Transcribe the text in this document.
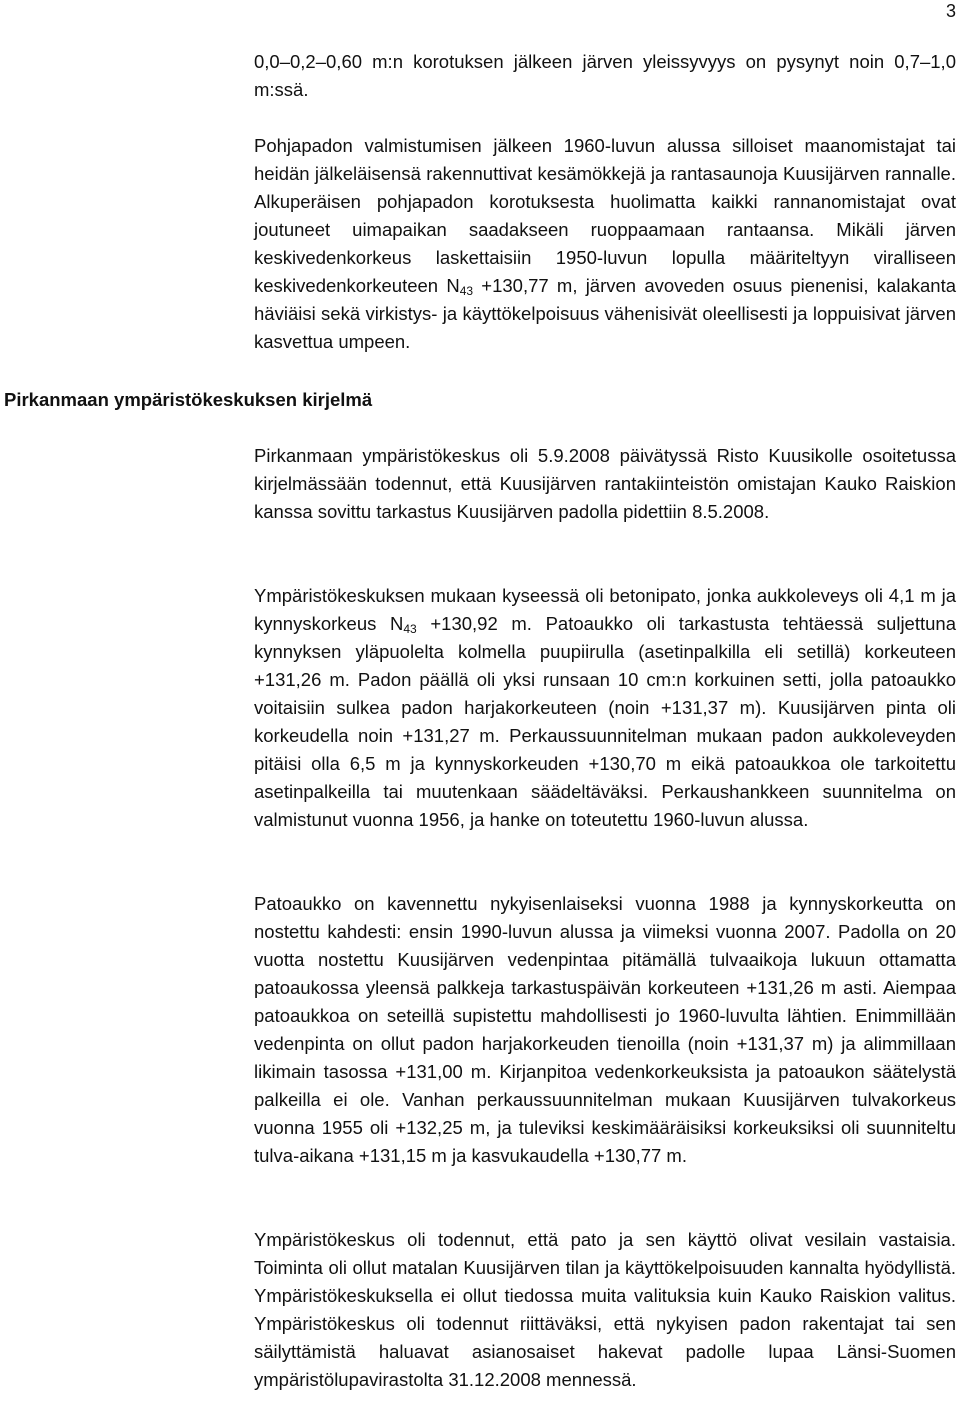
3

0,0–0,2–0,60 m:n korotuksen jälkeen järven yleissyvyys on pysynyt noin 0,7–1,0 m:ssä.

Pohjapadon valmistumisen jälkeen 1960-luvun alussa silloiset maanomistajat tai heidän jälkeläisensä rakennuttivat kesämökkejä ja rantasaunoja Kuusijärven rannalle. Alkuperäisen pohjapadon korotuksesta huolimatta kaikki rannanomistajat ovat joutuneet uimapaikan saadakseen ruoppaamaan rantaansa. Mikäli järven keskivedenkorkeus laskettaisiin 1950-luvun lopulla määriteltyyn viralliseen keskivedenkorkeuteen $N_{43} +130,77$ m, järven avoveden osuus pienenisi, kalakanta häviäisi sekä virkistys- ja käyttökelpoisuus vähenisivät oleellisesti ja loppuisivat järven kasvettua umpeen.

Pirkanmaan ympäristökeskuksen kirjelmä

Pirkanmaan ympäristökeskus oli 5.9.2008 päivätyssä Risto Kuusikolle osoitetussa kirjelmässään todennut, että Kuusijärven rantakiinteistön omistajan Kauko Raiskion kanssa sovittu tarkastus Kuusijärven padolla pidettiin 8.5.2008.

Ympäristökeskuksen mukaan kyseessä oli betonipato, jonka aukkoleveys oli 4,1 m ja kynnyskorkeus $N_{43} +130,92$ m. Patoaukko oli tarkastusta tehtäessä suljettuna kynnyksen yläpuolelta kolmella puupiirulla (asetinpalkilla eli setillä) korkeuteen +131,26 m. Padon päällä oli yksi runsaan 10 cm:n korkuinen setti, jolla patoaukko voitaisiin sulkea padon harjakorkeuteen (noin +131,37 m). Kuusijärven pinta oli korkeudella noin +131,27 m. Perkaussuunnitelman mukaan padon aukkoleveyden pitäisi olla 6,5 m ja kynnyskorkeuden +130,70 m eikä patoaukkoa ole tarkoitettu asetinpalkeilla tai muutenkaan säädeltäväksi. Perkaushankkeen suunnitelma on valmistunut vuonna 1956, ja hanke on toteutettu 1960-luvun alussa.

Patoaukko on kavennettu nykyisenlaiseksi vuonna 1988 ja kynnyskorkeutta on nostettu kahdesti: ensin 1990-luvun alussa ja viimeksi vuonna 2007. Padolla on 20 vuotta nostettu Kuusijärven vedenpintaa pitämällä tulvaaikoja lukuun ottamatta patoaukossa yleensä palkkeja tarkastuspäivän korkeuteen +131,26 m asti. Aiempaa patoaukkoa on seteillä supistettu mahdollisesti jo 1960-luvulta lähtien. Enimmillään vedenpinta on ollut padon harjakorkeuden tienoilla (noin +131,37 m) ja alimmillaan likimain tasossa +131,00 m. Kirjanpitoa vedenkorkeuksista ja patoaukon säätelystä palkeilla ei ole. Vanhan perkaussuunnitelman mukaan Kuusijärven tulvakorkeus vuonna 1955 oli +132,25 m, ja tuleviksi keskimääräisiksi korkeuksiksi oli suunniteltu tulva-aikana +131,15 m ja kasvukaudella +130,77 m.

Ympäristökeskus oli todennut, että pato ja sen käyttö olivat vesilain vastaisia. Toiminta oli ollut matalan Kuusijärven tilan ja käyttökelpoisuuden kannalta hyödyllistä. Ympäristökeskuksella ei ollut tiedossa muita valituksia kuin Kauko Raiskion valitus. Ympäristökeskus oli todennut riittäväksi, että nykyisen padon rakentajat tai sen säilyttämistä haluavat asianosaiset hakevat padolle lupaa Länsi-Suomen ympäristölupavirastolta 31.12.2008 mennessä.
